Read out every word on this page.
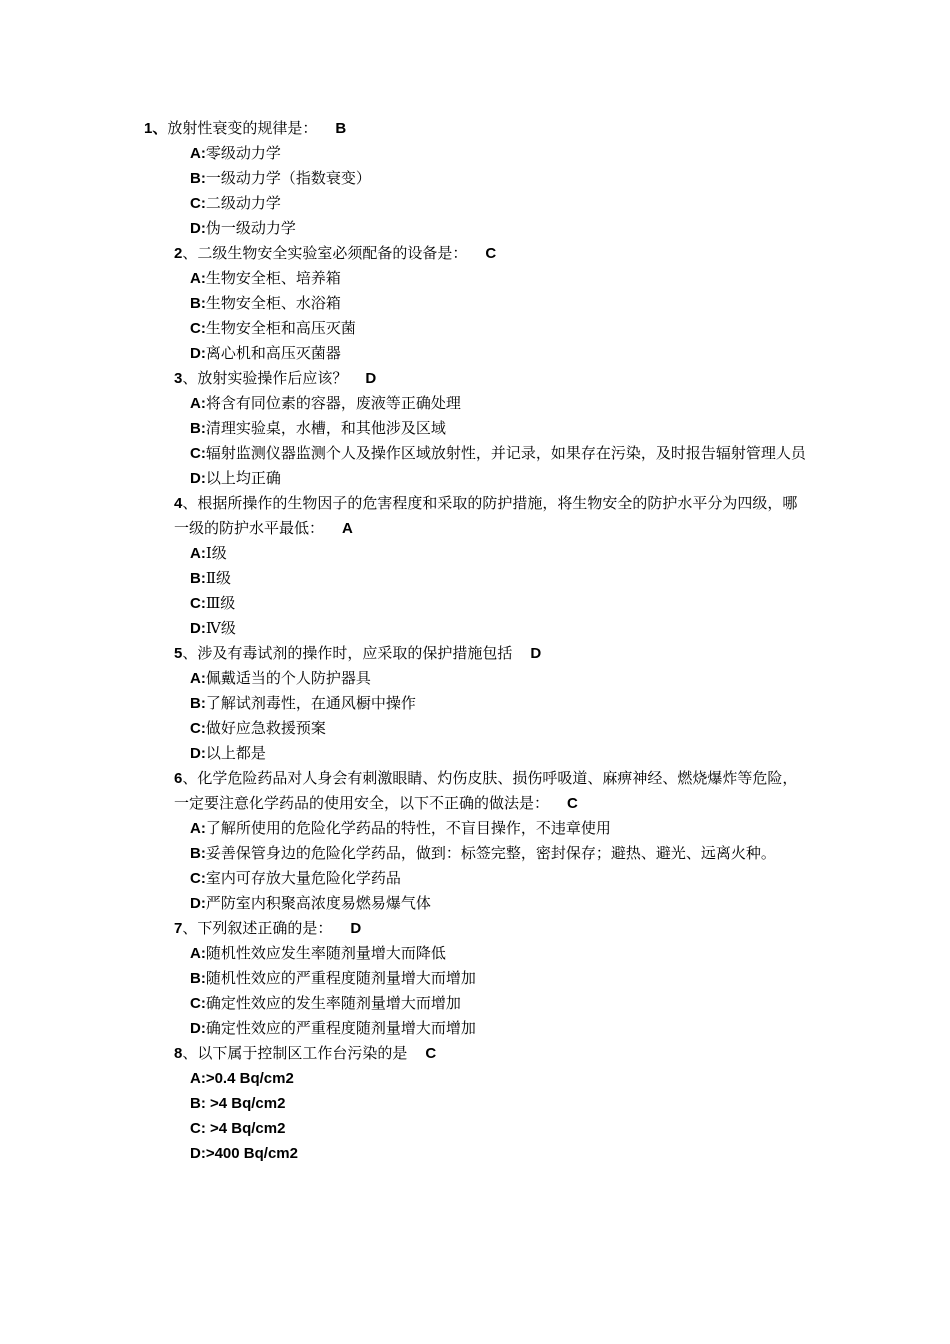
1、放射性衰变的规律是： B

A:零级动力学

B:一级动力学（指数衰变）

C:二级动力学

D:伪一级动力学

2、二级生物安全实验室必须配备的设备是： C

A:生物安全柜、培养箱

B:生物安全柜、水浴箱

C:生物安全柜和高压灭菌

D:离心机和高压灭菌器

3、放射实验操作后应该？ D

A:将含有同位素的容器，废液等正确处理

B:清理实验桌，水槽，和其他涉及区域

C:辐射监测仪器监测个人及操作区域放射性，并记录，如果存在污染，及时报告辐射管理人员

D:以上均正确

4、根据所操作的生物因子的危害程度和采取的防护措施，将生物安全的防护水平分为四级，哪一级的防护水平最低： A

A:Ⅰ级

B:Ⅱ级

C:Ⅲ级

D:Ⅳ级

5、涉及有毒试剂的操作时，应采取的保护措施包括 D

A:佩戴适当的个人防护器具

B:了解试剂毒性，在通风橱中操作

C:做好应急救援预案

D:以上都是

6、化学危险药品对人身会有刺激眼睛、灼伤皮肤、损伤呼吸道、麻痹神经、燃烧爆炸等危险，一定要注意化学药品的使用安全，以下不正确的做法是： C

A:了解所使用的危险化学药品的特性，不盲目操作，不违章使用

B:妥善保管身边的危险化学药品，做到：标签完整，密封保存；避热、避光、远离火种。

C:室内可存放大量危险化学药品

D:严防室内积聚高浓度易燃易爆气体

7、下列叙述正确的是： D

A:随机性效应发生率随剂量增大而降低

B:随机性效应的严重程度随剂量增大而增加

C:确定性效应的发生率随剂量增大而增加

D:确定性效应的严重程度随剂量增大而增加

8、以下属于控制区工作台污染的是 C

A:>0.4 Bq/cm2

B: >4 Bq/cm2

C: >4 Bq/cm2

D:>400 Bq/cm2
